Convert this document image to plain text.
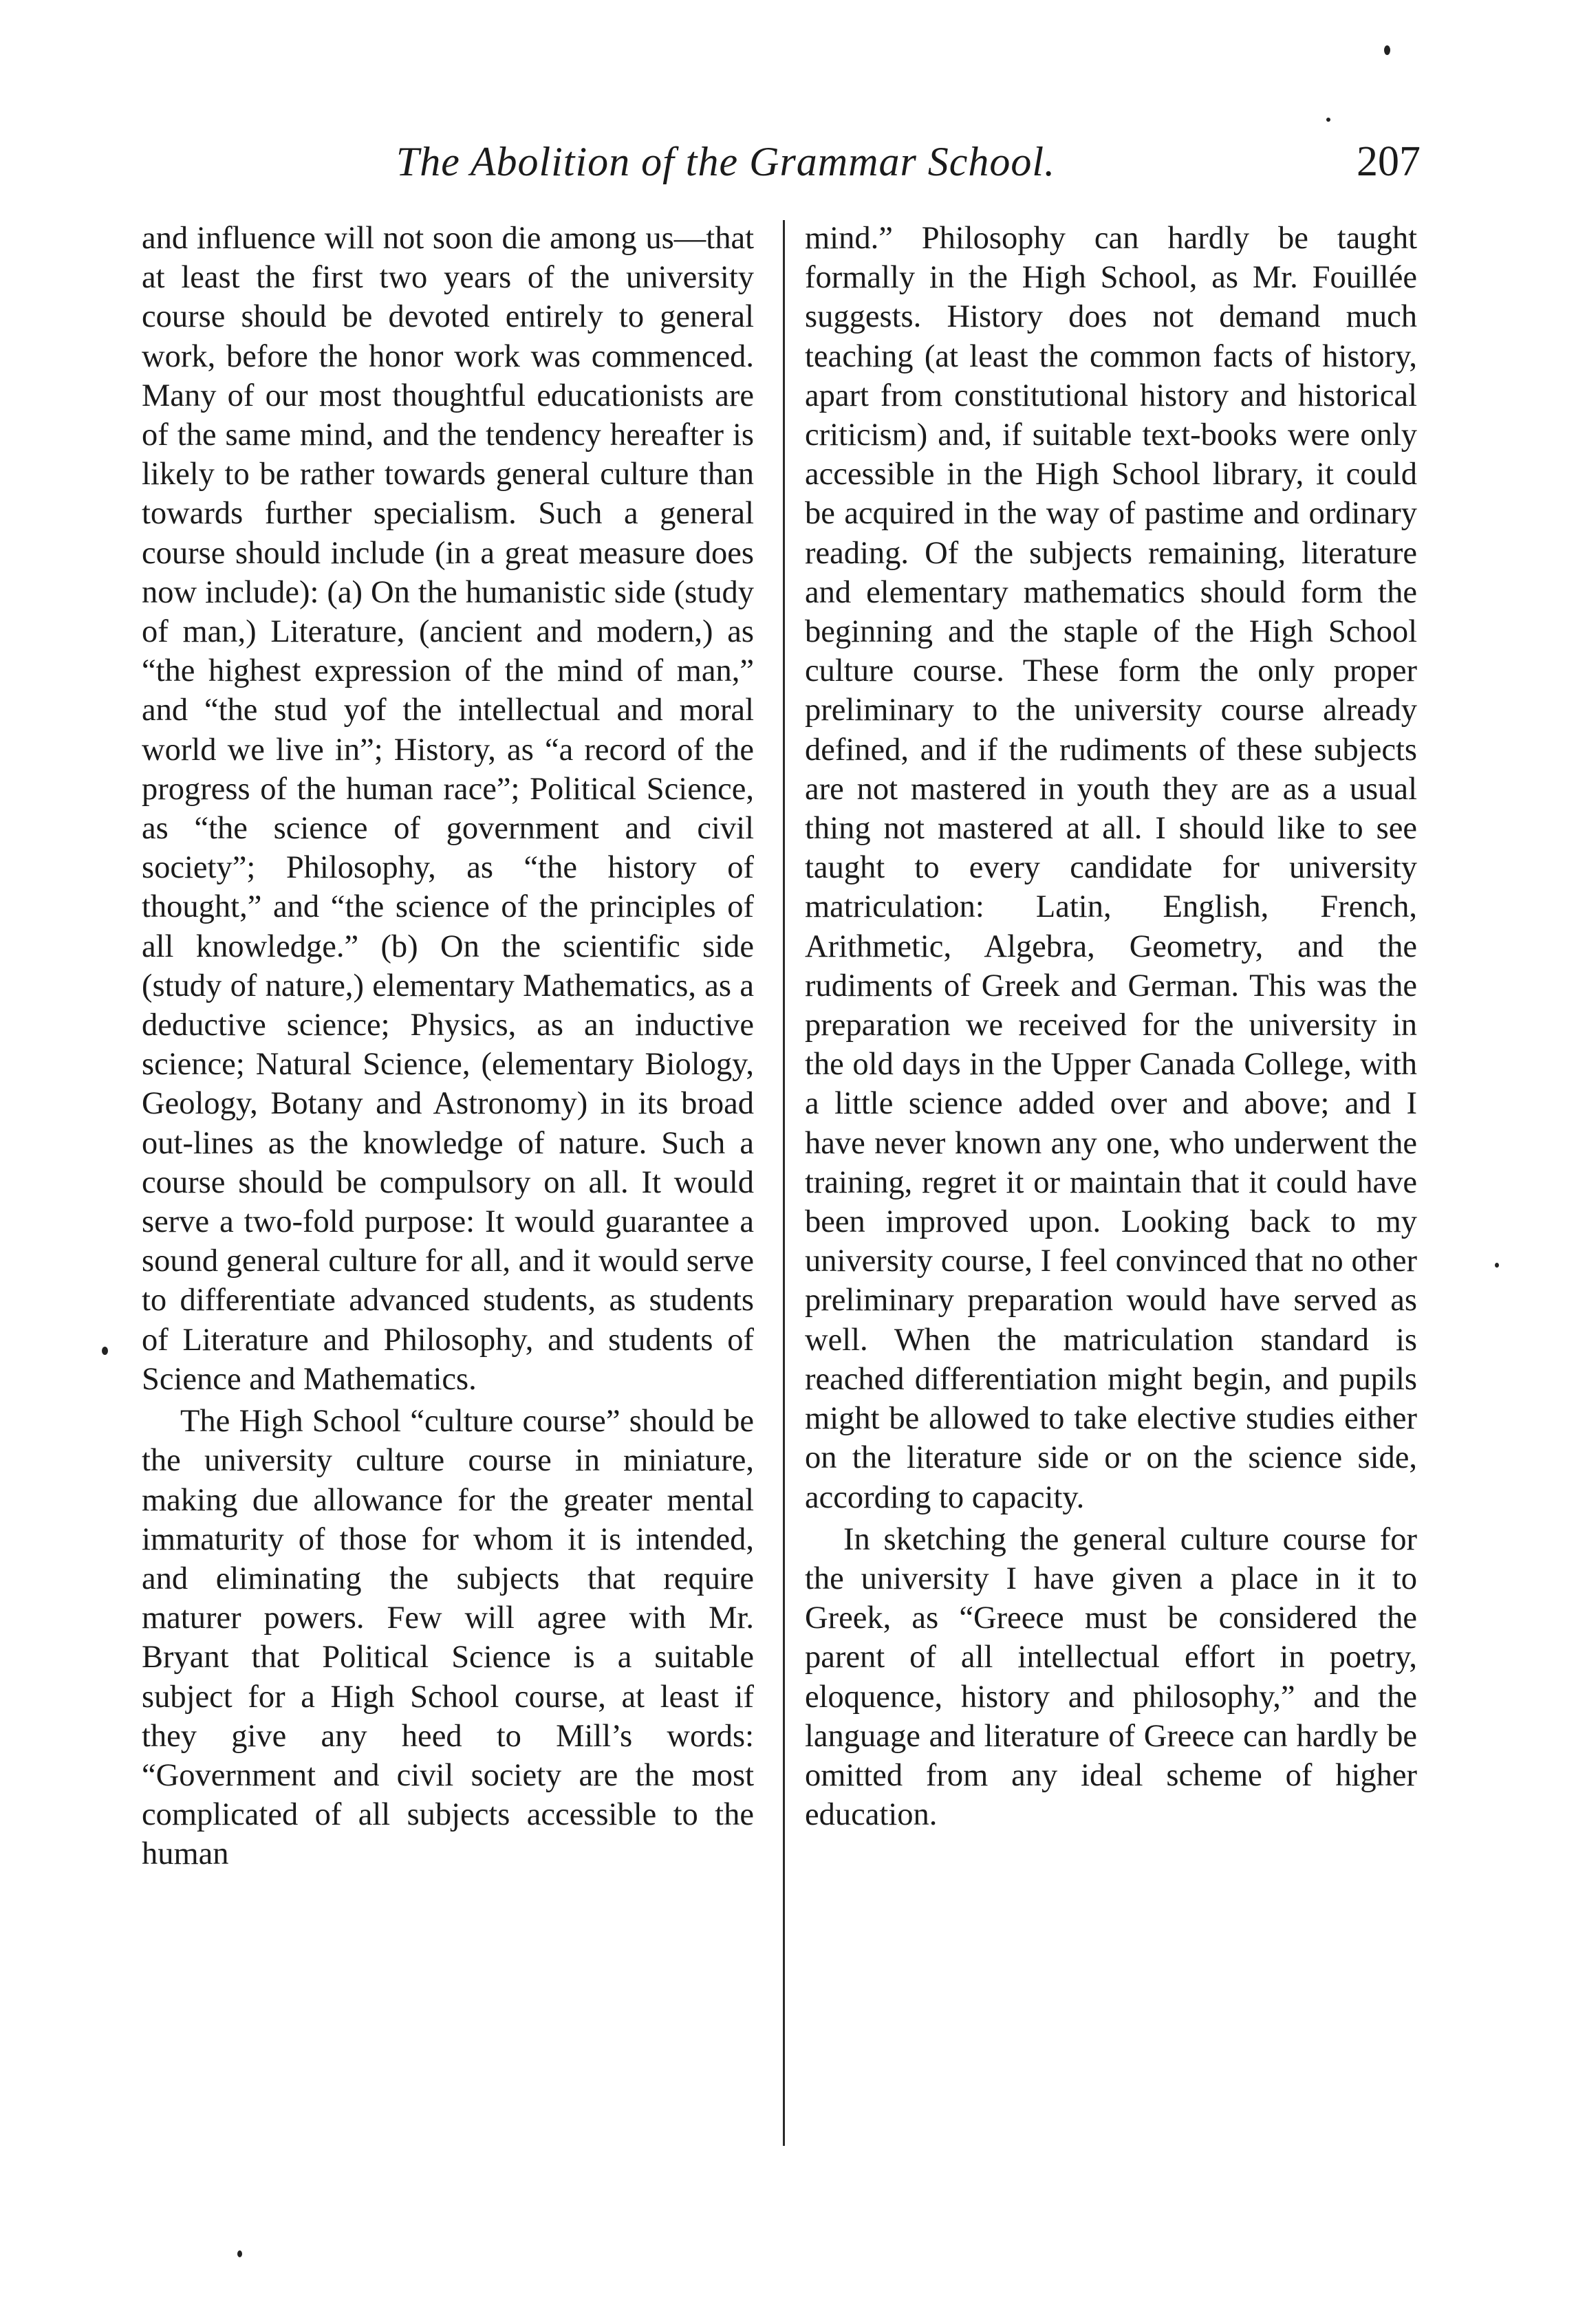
The Abolition of the Grammar School.	207

and influence will not soon die among us—that at least the first two years of the university course should be devoted entirely to general work, before the honor work was commenced. Many of our most thoughtful educationists are of the same mind, and the tendency hereafter is likely to be rather towards general culture than towards further specialism. Such a general course should include (in a great measure does now include): (a) On the humanistic side (study of man,) Literature, (ancient and modern,) as “the highest expression of the mind of man,” and “the stud yof the intellectual and moral world we live in”; History, as “a record of the progress of the human race”; Political Science, as “the science of government and civil society”; Philosophy, as “the history of thought,” and “the science of the principles of all knowledge.” (b) On the scientific side (study of nature,) elementary Mathematics, as a deductive science; Physics, as an inductive science; Natural Science, (elementary Biology, Geology, Botany and Astronomy) in its broad out-lines as the knowledge of nature. Such a course should be compulsory on all. It would serve a two-fold purpose: It would guarantee a sound general culture for all, and it would serve to differentiate advanced students, as students of Literature and Philosophy, and students of Science and Mathematics.

The High School “culture course” should be the university culture course in miniature, making due allowance for the greater mental immaturity of those for whom it is intended, and eliminating the subjects that require maturer powers. Few will agree with Mr. Bryant that Political Science is a suitable subject for a High School course, at least if they give any heed to Mill’s words: “Government and civil society are the most complicated of all subjects accessible to the human

mind.” Philosophy can hardly be taught formally in the High School, as Mr. Fouillée suggests. History does not demand much teaching (at least the common facts of history, apart from constitutional history and historical criticism) and, if suitable text-books were only accessible in the High School library, it could be acquired in the way of pastime and ordinary reading. Of the subjects remaining, literature and elementary mathematics should form the beginning and the staple of the High School culture course. These form the only proper preliminary to the university course already defined, and if the rudiments of these subjects are not mastered in youth they are as a usual thing not mastered at all. I should like to see taught to every candidate for university matriculation: Latin, English, French, Arithmetic, Algebra, Geometry, and the rudiments of Greek and German. This was the preparation we received for the university in the old days in the Upper Canada College, with a little science added over and above; and I have never known any one, who underwent the training, regret it or maintain that it could have been improved upon. Looking back to my university course, I feel convinced that no other preliminary preparation would have served as well. When the matriculation standard is reached differentiation might begin, and pupils might be allowed to take elective studies either on the literature side or on the science side, according to capacity.

In sketching the general culture course for the university I have given a place in it to Greek, as “Greece must be considered the parent of all intellectual effort in poetry, eloquence, history and philosophy,” and the language and literature of Greece can hardly be omitted from any ideal scheme of higher education.
